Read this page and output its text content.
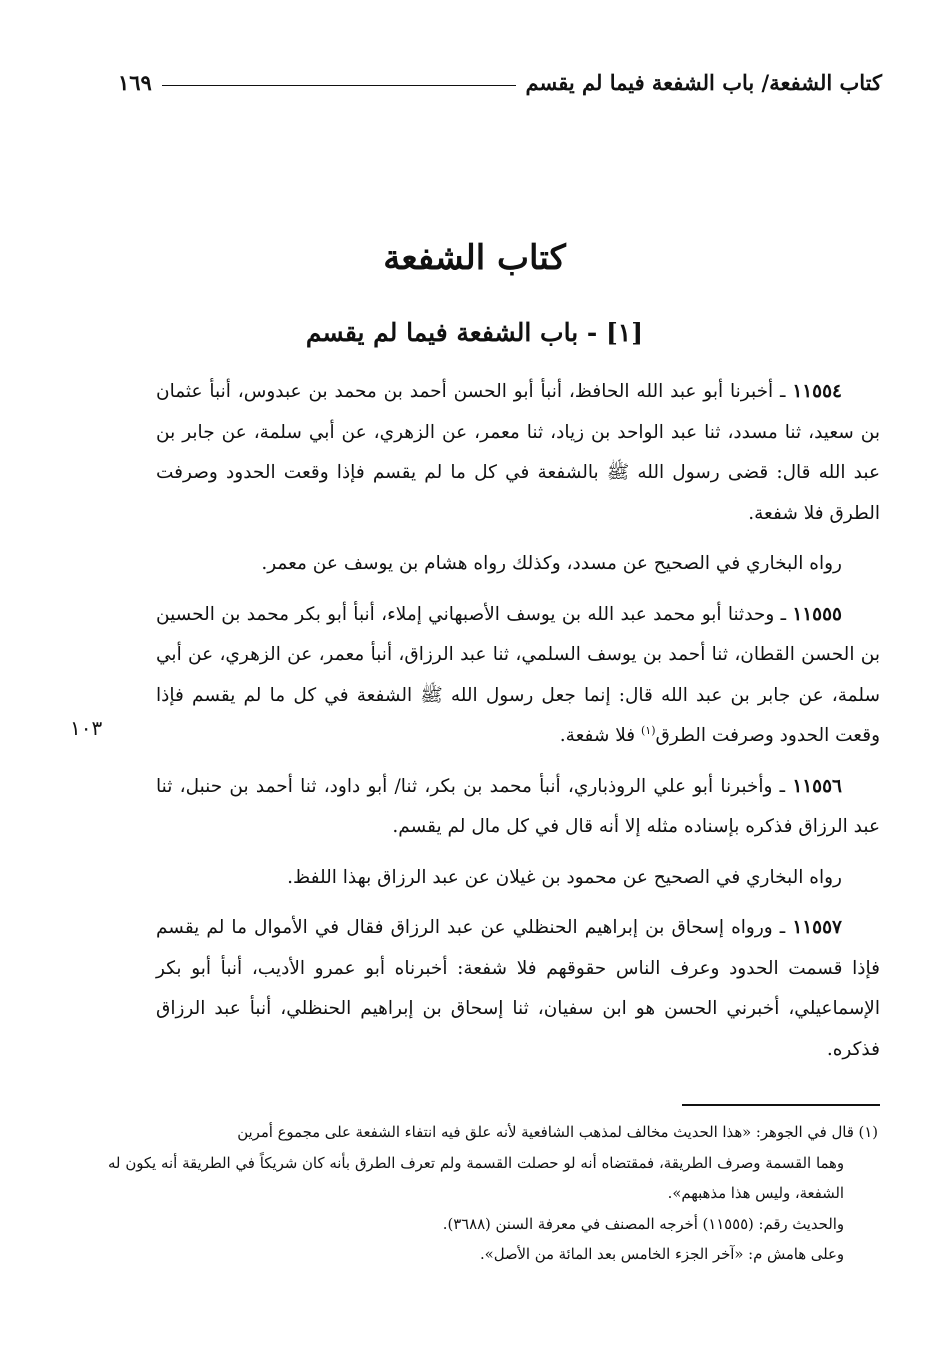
كتاب الشفعة/ باب الشفعة فيما لم يقسم
١٦٩
كتاب الشفعة
[١] - باب الشفعة فيما لم يقسم

١١٥٥٤ ـ أخبرنا أبو عبد الله الحافظ، أنبأ أبو الحسن أحمد بن محمد بن عبدوس، أنبأ عثمان بن سعيد، ثنا مسدد، ثنا عبد الواحد بن زياد، ثنا معمر، عن الزهري، عن أبي سلمة، عن جابر بن عبد الله قال: قضى رسول الله ﷺ بالشفعة في كل ما لم يقسم فإذا وقعت الحدود وصرفت الطرق فلا شفعة.

رواه البخاري في الصحيح عن مسدد، وكذلك رواه هشام بن يوسف عن معمر.

١١٥٥٥ ـ وحدثنا أبو محمد عبد الله بن يوسف الأصبهاني إملاء، أنبأ أبو بكر محمد بن الحسين بن الحسن القطان، ثنا أحمد بن يوسف السلمي، ثنا عبد الرزاق، أنبأ معمر، عن الزهري، عن أبي سلمة، عن جابر بن عبد الله قال: إنما جعل رسول الله ﷺ الشفعة في كل ما لم يقسم فإذا وقعت الحدود وصرفت الطرق$^{(١)}$ فلا شفعة.

١١٥٥٦ ـ وأخبرنا أبو علي الروذباري، أنبأ محمد بن بكر، ثنا/ أبو داود، ثنا أحمد بن حنبل، ثنا عبد الرزاق فذكره بإسناده مثله إلا أنه قال في كل مال لم يقسم.

رواه البخاري في الصحيح عن محمود بن غيلان عن عبد الرزاق بهذا اللفظ.

١١٥٥٧ ـ ورواه إسحاق بن إبراهيم الحنظلي عن عبد الرزاق فقال في الأموال ما لم يقسم فإذا قسمت الحدود وعرف الناس حقوقهم فلا شفعة: أخبرناه أبو عمرو الأديب، أنبأ أبو بكر الإسماعيلي، أخبرني الحسن هو ابن سفيان، ثنا إسحاق بن إبراهيم الحنظلي، أنبأ عبد الرزاق فذكره.

١٠٣

(١) قال في الجوهر: «هذا الحديث مخالف لمذهب الشافعية لأنه علق فيه انتفاء الشفعة على مجموع أمرين

وهما القسمة وصرف الطريقة، فمقتضاه أنه لو حصلت القسمة ولم تعرف الطرق بأنه كان شريكاً في الطريقة أنه يكون له الشفعة، وليس هذا مذهبهم».

والحديث رقم: (١١٥٥٥) أخرجه المصنف في معرفة السنن (٣٦٨٨).

وعلى هامش م: «آخر الجزء الخامس بعد المائة من الأصل».
